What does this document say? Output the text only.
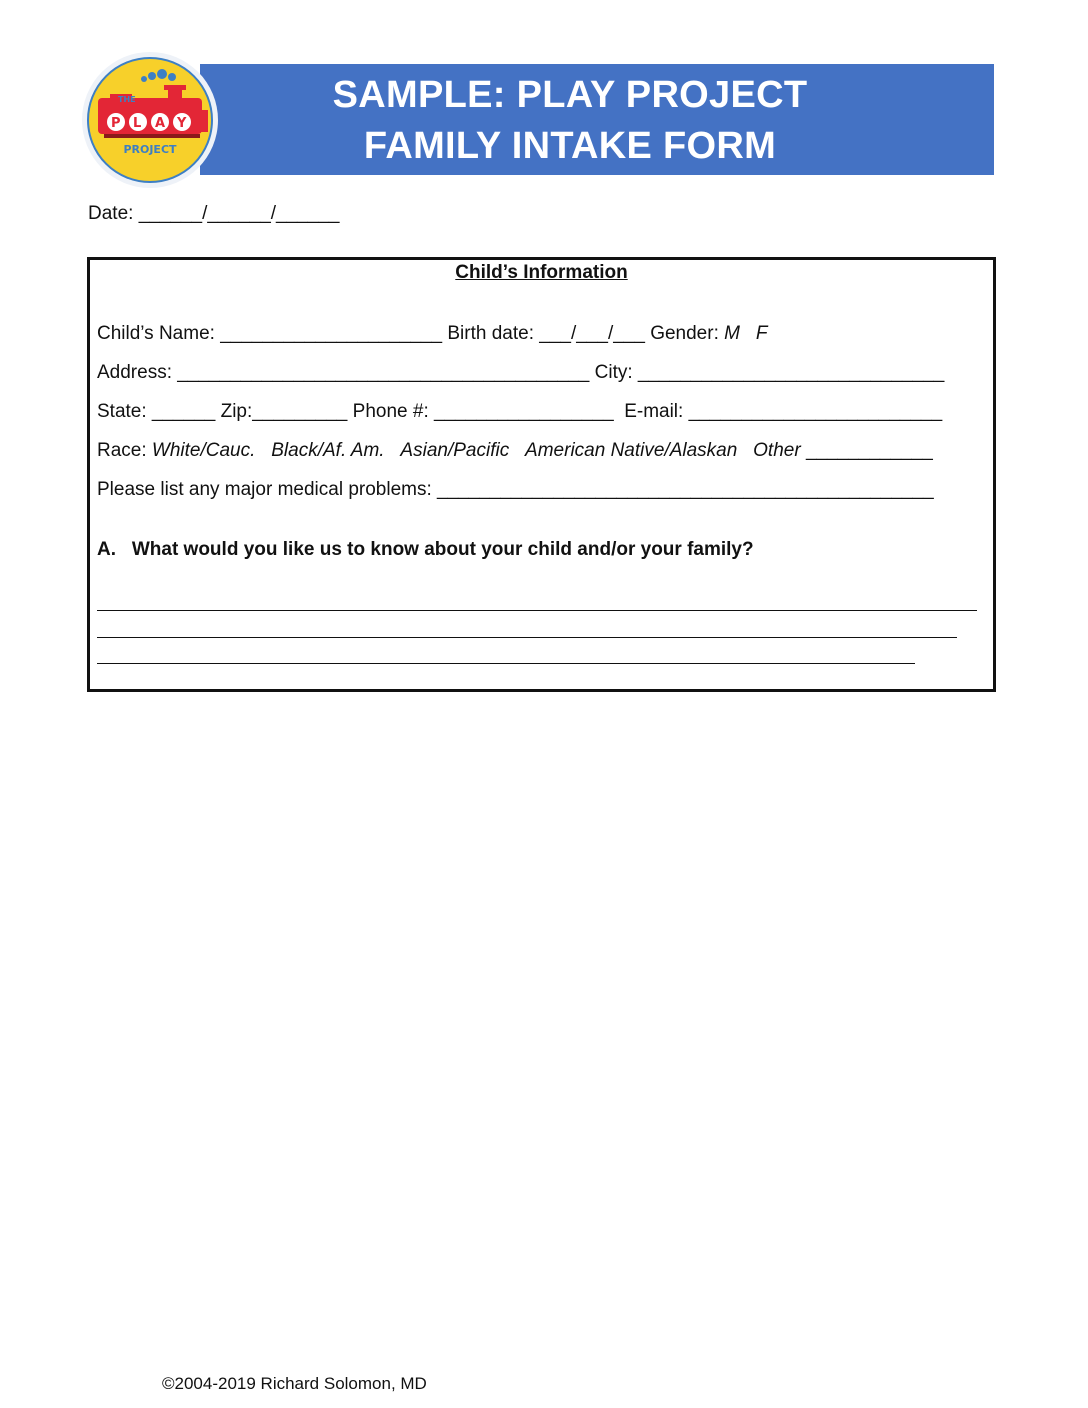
SAMPLE: PLAY PROJECT
FAMILY INTAKE FORM
THE
P L A Y
PROJECT
Date: ______/______/______
Child’s Information
Child’s Name: _____________________ Birth date: ___/___/___ Gender: M F
Address: _______________________________________ City: _____________________________
State: ______ Zip:_________ Phone #: _________________  E-mail: ________________________
Race: White/Cauc. Black/Af. Am. Asian/Pacific American Native/Alaskan Other ____________
Please list any major medical problems: _______________________________________________
A.   What would you like us to know about your child and/or your family?
©2004-2019 Richard Solomon, MD
